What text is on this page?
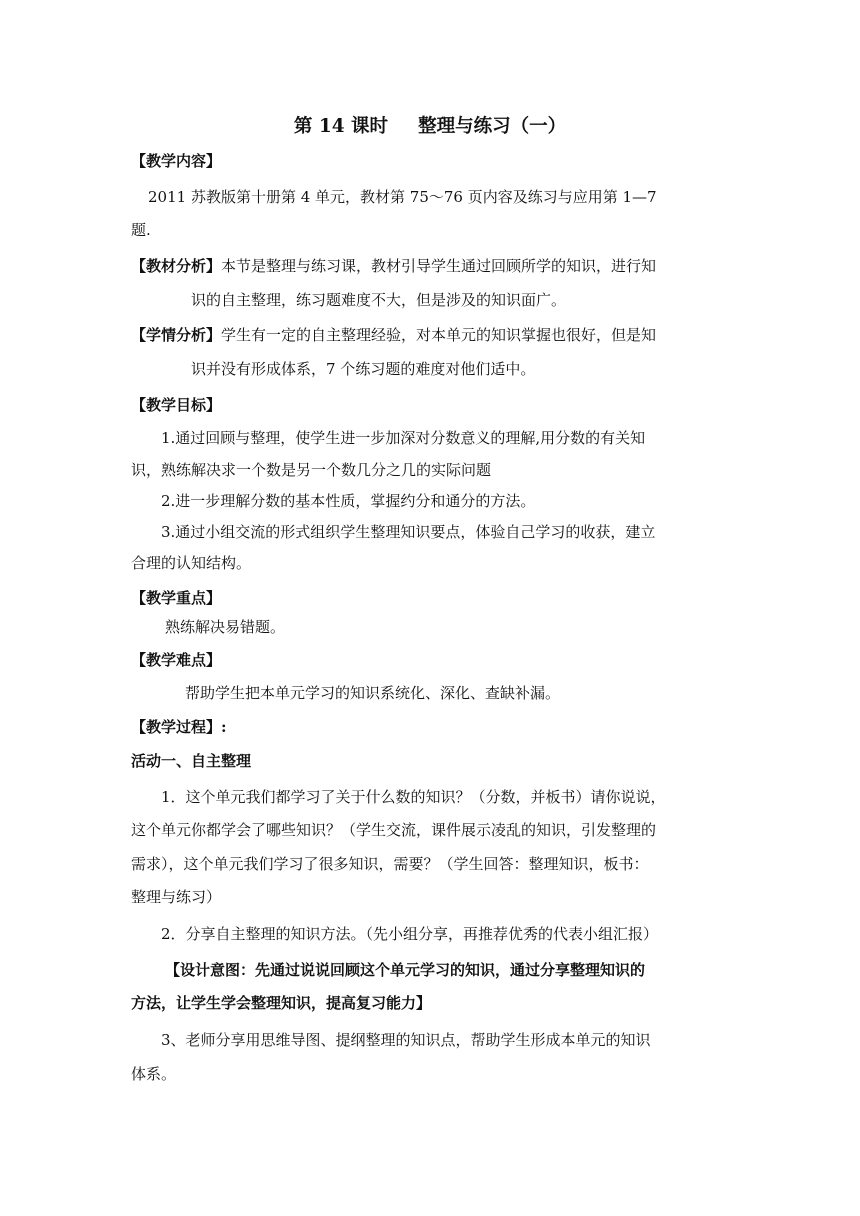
第 14 课时 整理与练习（一）
【教学内容】
2011 苏教版第十册第 4 单元，教材第 75～76 页内容及练习与应用第 1—7
题.
【教材分析】本节是整理与练习课，教材引导学生通过回顾所学的知识，进行知
识的自主整理，练习题难度不大，但是涉及的知识面广。
【学情分析】学生有一定的自主整理经验，对本单元的知识掌握也很好，但是知
识并没有形成体系，7 个练习题的难度对他们适中。
【教学目标】
1.通过回顾与整理，使学生进一步加深对分数意义的理解,用分数的有关知
识，熟练解决求一个数是另一个数几分之几的实际问题
2.进一步理解分数的基本性质，掌握约分和通分的方法。
3.通过小组交流的形式组织学生整理知识要点，体验自己学习的收获，建立
合理的认知结构。
【教学重点】
熟练解决易错题。
【教学难点】
帮助学生把本单元学习的知识系统化、深化、查缺补漏。
【教学过程】:
活动一、自主整理
1．这个单元我们都学习了关于什么数的知识？（分数，并板书）请你说说，
这个单元你都学会了哪些知识？（学生交流，课件展示凌乱的知识，引发整理的
需求），这个单元我们学习了很多知识，需要？（学生回答：整理知识，板书：
整理与练习）
2．分享自主整理的知识方法。（先小组分享，再推荐优秀的代表小组汇报）
【设计意图：先通过说说回顾这个单元学习的知识，通过分享整理知识的
方法，让学生学会整理知识，提高复习能力】
3、老师分享用思维导图、提纲整理的知识点，帮助学生形成本单元的知识
体系。
